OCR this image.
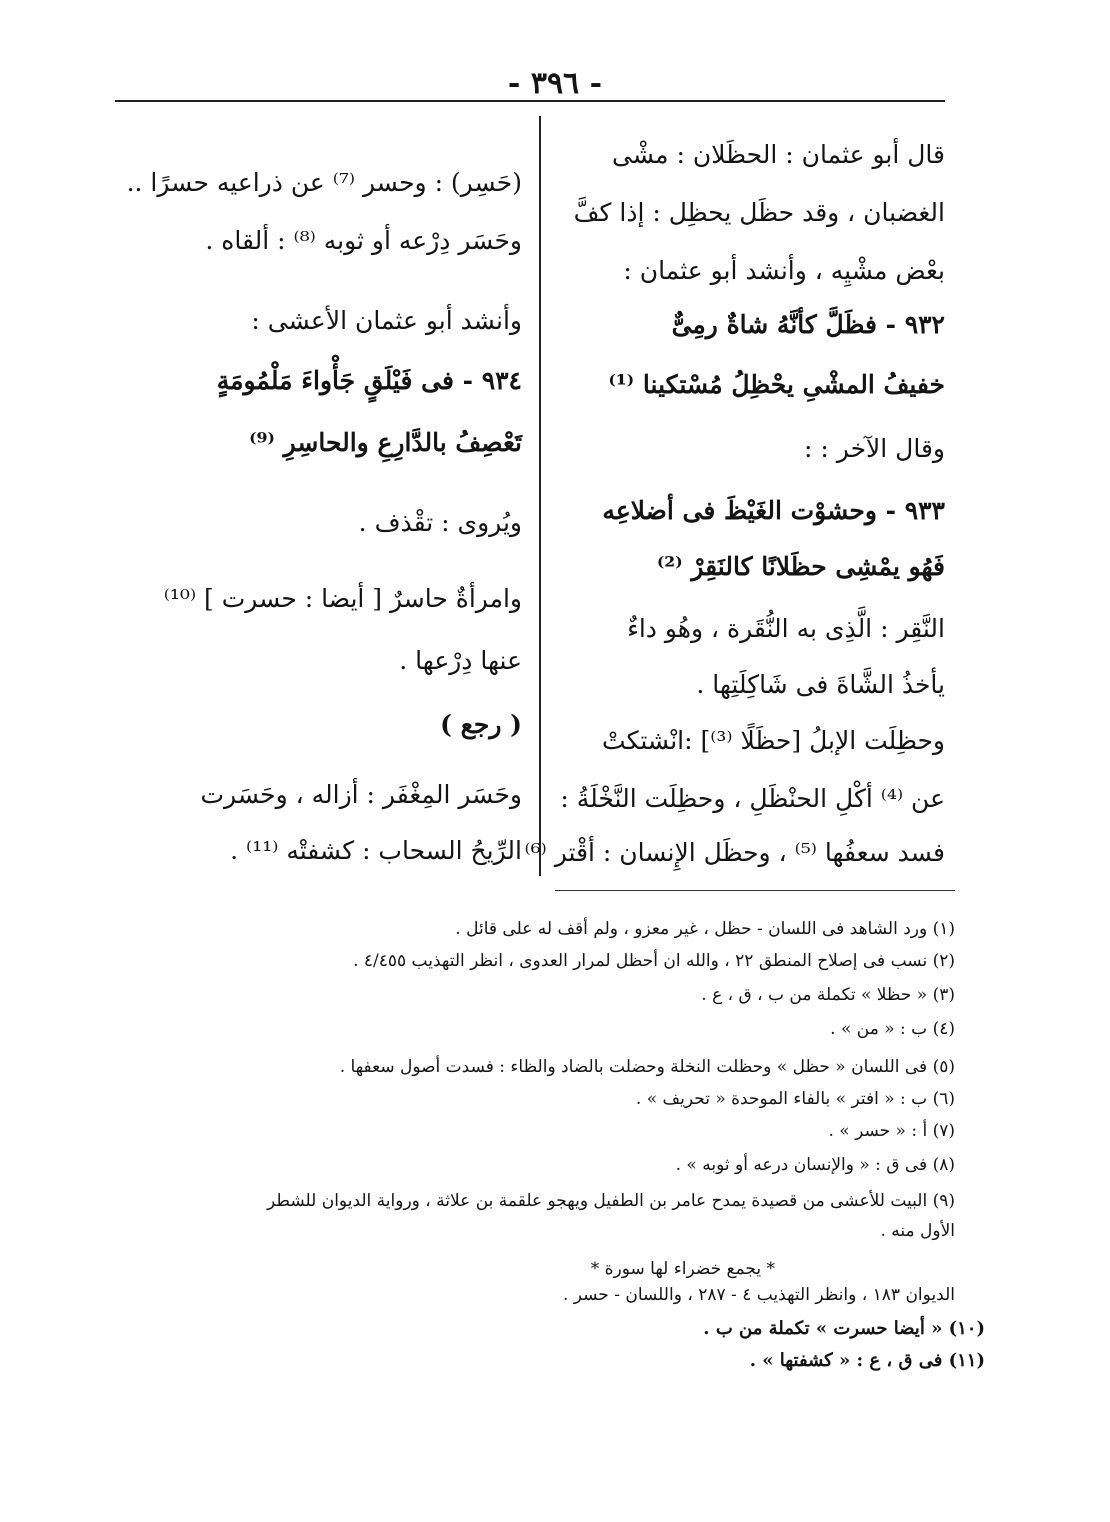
- ٣٩٦ -
قال أبو عثمان : الحظَلان : مشْى
الغضبان ، وقد حظَل يحظِل : إذا كفَّ
بعْض مشْيِه ، وأنشد أبو عثمان :
٩٣٢ - فظَلَّ كأنَّهُ شاةٌ رمِىٌّ
خفيفُ المشْىِ يحْظِلُ مُسْتكينا ⁽¹⁾
وقال الآخر : :
٩٣٣ - وحشوْت الغَيْظَ فى أضلاعِه
فَهُو يمْشِى حظَلانًا كالنَقِرْ ⁽²⁾
النَّقِر : الَّذِى به النُّقَرة ، وهُو داءٌ
يأخذُ الشَّاةَ فى شَاكِلَتِها .
وحظِلَت الإبلُ [حظَلًا ⁽³⁾] :انْشتكتْ
عن ⁽⁴⁾ أكْلِ الحنْظَلِ ، وحظِلَت النَّخْلَةُ :
فسد سعفُها ⁽⁵⁾ ، وحظَل الإِنسان : أقْتر ⁽⁶⁾
(حَسِر) : وحسر ⁽⁷⁾ عن ذراعيه حسرًا ..
وحَسَر دِرْعه أو ثوبه ⁽⁸⁾ : ألقاه .
وأنشد أبو عثمان الأعشى :
٩٣٤ - فى فَيْلَقٍ جَأْواءَ مَلْمُومَةٍ
تَعْصِفُ بالدَّارِعِ والحاسِرِ ⁽⁹⁾
ويُروى : تقْذف .
وامرأةٌ حاسرٌ [ أيضا : حسرت ] ⁽¹⁰⁾
عنها دِرْعها .
( رجع )
وحَسَر المِغْفَر : أزاله ، وحَسَرت
الرِّيحُ السحاب : كشفتْه ⁽¹¹⁾ .
(١) ورد الشاهد فى اللسان - حظل ، غير معزو ، ولم أقف له على قائل .
(٢) نسب فى إصلاح المنطق ٢٢ ، والله ان أحظل لمرار العدوى ، انظر التهذيب ٤/٤٥٥ .
(٣) « حظلا » تكملة من ب ، ق ، ع .
(٤) ب : « من » .
(٥) فى اللسان « حظل » وحظلت النخلة وحضلت بالضاد والظاء : فسدت أصول سعفها .
(٦) ب : « افتر » بالفاء الموحدة « تحريف » .
(٧) أ : « حسر » .
(٨) فى ق : « والإنسان درعه أو ثوبه » .
(٩) البيت للأعشى من قصيدة يمدح عامر بن الطفيل ويهجو علقمة بن علاثة ، ورواية الديوان للشطر
الأول منه .
* يجمع خضراء لها سورة *
الديوان ١٨٣ ، وانظر التهذيب ٤ - ٢٨٧ ، واللسان - حسر .
(١٠) « أيضا حسرت » تكملة من ب .
(١١) فى ق ، ع : « كشفتها » .
